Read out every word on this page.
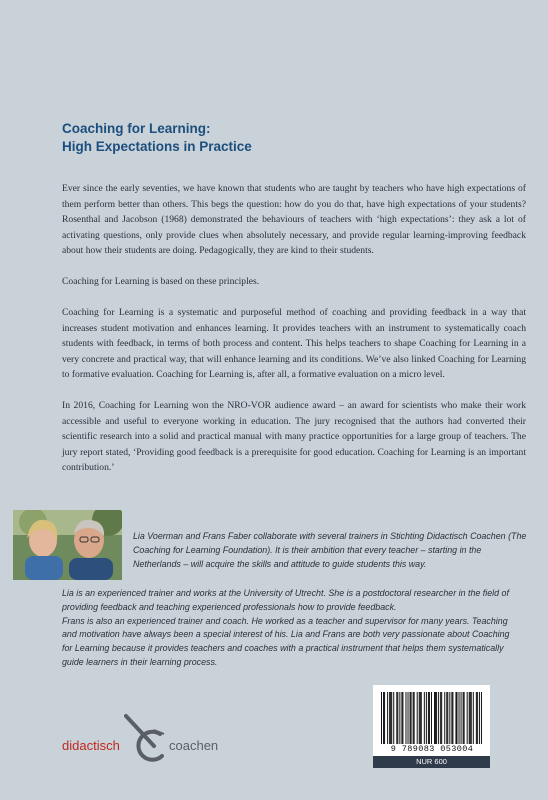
Coaching for Learning:
High Expectations in Practice

Ever since the early seventies, we have known that students who are taught by teachers who have high expectations of them perform better than others. This begs the question: how do you do that, have high expectations of your students? Rosenthal and Jacobson (1968) demonstrated the behaviours of teachers with ‘high expectations’: they ask a lot of activating questions, only provide clues when absolutely necessary, and provide regular learning-improving feedback about how their students are doing. Pedagogically, they are kind to their students.

Coaching for Learning is based on these principles.

Coaching for Learning is a systematic and purposeful method of coaching and providing feedback in a way that increases student motivation and enhances learning. It provides teachers with an instrument to systematically coach students with feedback, in terms of both process and content. This helps teachers to shape Coaching for Learning in a very concrete and practical way, that will enhance learning and its conditions. We’ve also linked Coaching for Learning to formative evaluation. Coaching for Learning is, after all, a formative evaluation on a micro level.

In 2016, Coaching for Learning won the NRO-VOR audience award – an award for scientists who make their work accessible and useful to everyone working in education. The jury recognised that the authors had converted their scientific research into a solid and practical manual with many practice opportunities for a large group of teachers. The jury report stated, ‘Providing good feedback is a prerequisite for good education. Coaching for Learning is an important contribution.’

Lia Voerman and Frans Faber collaborate with several trainers in Stichting Didactisch Coachen (The Coaching for Learning Foundation). It is their ambition that every teacher – starting in the Netherlands – will acquire the skills and attitude to guide students this way.
Lia is an experienced trainer and works at the University of Utrecht. She is a postdoctoral researcher in the field of providing feedback and teaching experienced professionals how to provide feedback.
Frans is also an experienced trainer and coach. He worked as a teacher and supervisor for many years. Teaching and motivation have always been a special interest of his. Lia and Frans are both very passionate about Coaching for Learning because it provides teachers and coaches with a practical instrument that helps them systematically guide learners in their learning process.
didactisch	coachen	9 789083 053004
NUR 600
